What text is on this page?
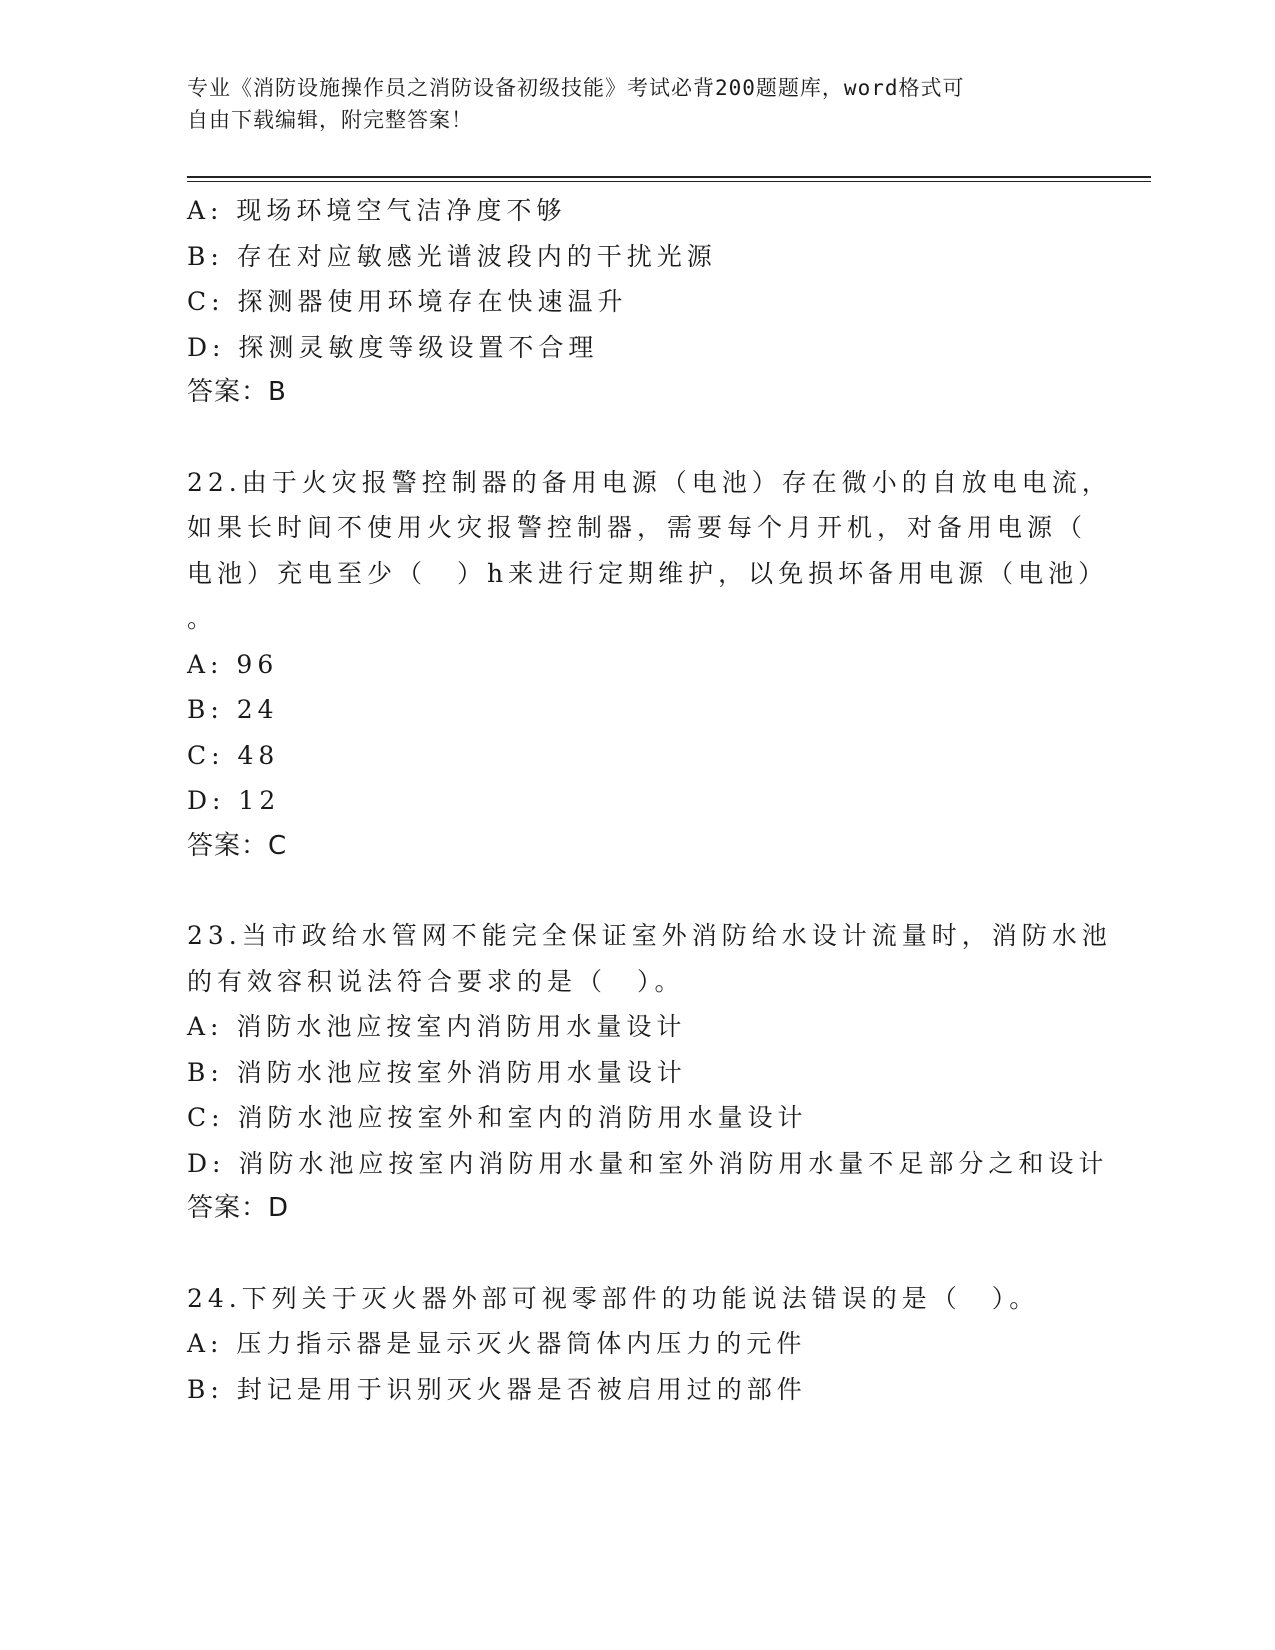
专业《消防设施操作员之消防设备初级技能》考试必背200题题库，word格式可
自由下载编辑，附完整答案！
A: 现场环境空气洁净度不够
B: 存在对应敏感光谱波段内的干扰光源
C: 探测器使用环境存在快速温升
D: 探测灵敏度等级设置不合理
答案：B
22.由于火灾报警控制器的备用电源（电池）存在微小的自放电电流，
如果长时间不使用火灾报警控制器，需要每个月开机，对备用电源（
电池）充电至少（　）h来进行定期维护，以免损坏备用电源（电池）
。
A: 96
B: 24
C: 48
D: 12
答案：C
23.当市政给水管网不能完全保证室外消防给水设计流量时，消防水池
的有效容积说法符合要求的是（　）。
A: 消防水池应按室内消防用水量设计
B: 消防水池应按室外消防用水量设计
C: 消防水池应按室外和室内的消防用水量设计
D: 消防水池应按室内消防用水量和室外消防用水量不足部分之和设计
答案：D
24.下列关于灭火器外部可视零部件的功能说法错误的是（　）。
A: 压力指示器是显示灭火器筒体内压力的元件
B: 封记是用于识别灭火器是否被启用过的部件
